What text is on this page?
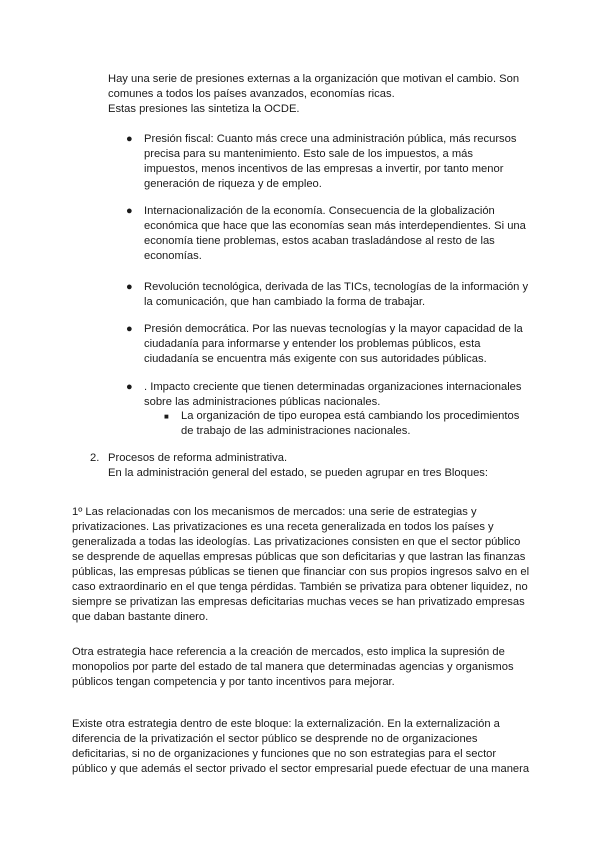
Hay una serie de presiones externas a la organización que motivan el cambio. Son
comunes a todos los países avanzados, economías ricas.
Estas presiones las sintetiza la OCDE.
● Presión fiscal: Cuanto más crece una administración pública, más recursos
precisa para su mantenimiento. Esto sale de los impuestos, a más
impuestos, menos incentivos de las empresas a invertir, por tanto menor
generación de riqueza y de empleo.
● Internacionalización de la economía. Consecuencia de la globalización
económica que hace que las economías sean más interdependientes. Si una
economía tiene problemas, estos acaban trasladándose al resto de las
economías.
● Revolución tecnológica, derivada de las TICs, tecnologías de la información y
la comunicación, que han cambiado la forma de trabajar.
● Presión democrática. Por las nuevas tecnologías y la mayor capacidad de la
ciudadanía para informarse y entender los problemas públicos, esta
ciudadanía se encuentra más exigente con sus autoridades públicas.
● . Impacto creciente que tienen determinadas organizaciones internacionales
sobre las administraciones públicas nacionales.
■ La organización de tipo europea está cambiando los procedimientos
de trabajo de las administraciones nacionales.
2. Procesos de reforma administrativa.
En la administración general del estado, se pueden agrupar en tres Bloques:
1º Las relacionadas con los mecanismos de mercados: una serie de estrategias y
privatizaciones. Las privatizaciones es una receta generalizada en todos los países y
generalizada a todas las ideologías. Las privatizaciones consisten en que el sector público
se desprende de aquellas empresas públicas que son deficitarias y que lastran las finanzas
públicas, las empresas públicas se tienen que financiar con sus propios ingresos salvo en el
caso extraordinario en el que tenga pérdidas. También se privatiza para obtener liquidez, no
siempre se privatizan las empresas deficitarias muchas veces se han privatizado empresas
que daban bastante dinero.
Otra estrategia hace referencia a la creación de mercados, esto implica la supresión de
monopolios por parte del estado de tal manera que determinadas agencias y organismos
públicos tengan competencia y por tanto incentivos para mejorar.
Existe otra estrategia dentro de este bloque: la externalización. En la externalización a
diferencia de la privatización el sector público se desprende no de organizaciones
deficitarias, si no de organizaciones y funciones que no son estrategias para el sector
público y que además el sector privado el sector empresarial puede efectuar de una manera
